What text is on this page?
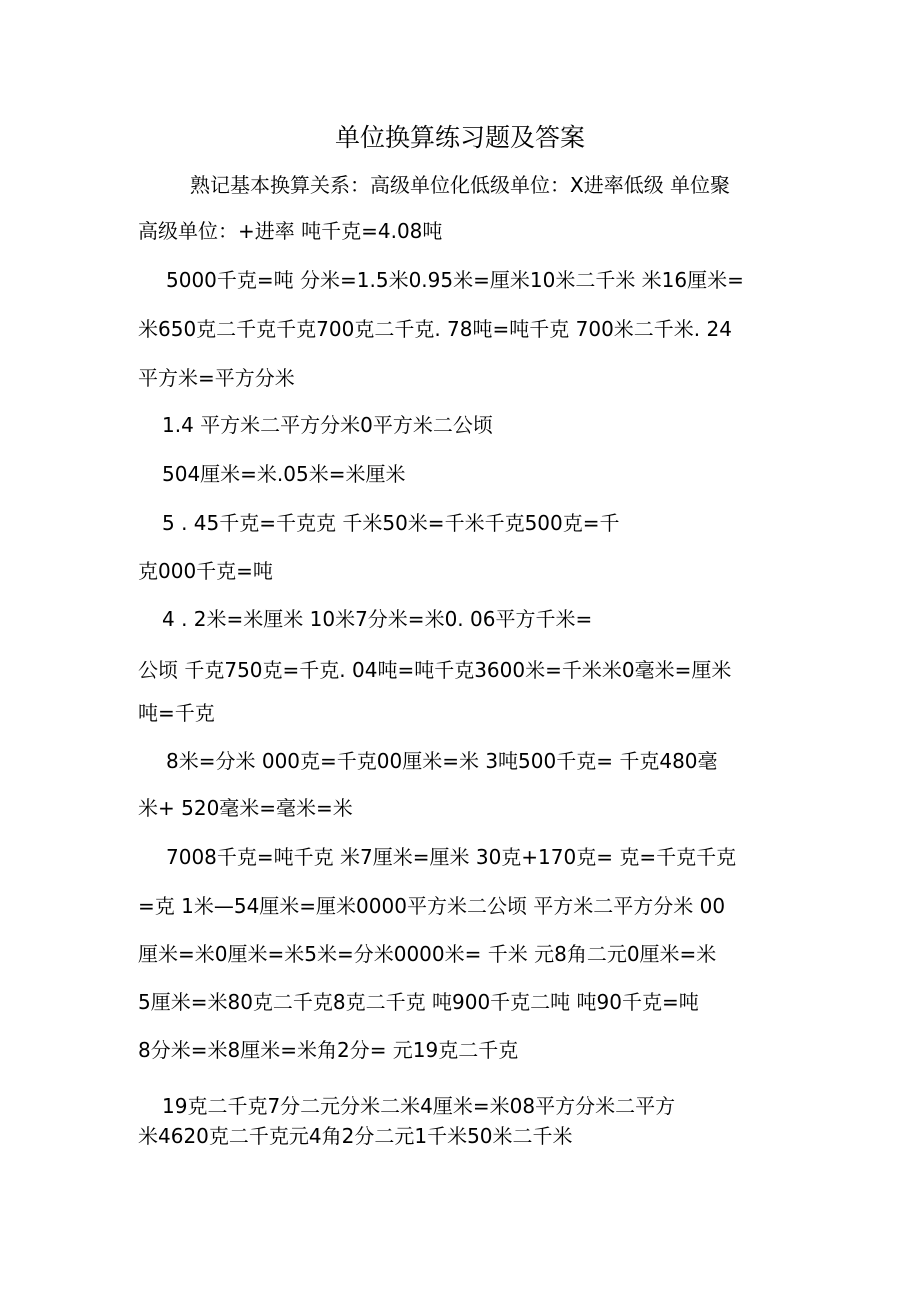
单位换算练习题及答案
熟记基本换算关系：高级单位化低级单位：X进率低级 单位聚
高级单位：+进率 吨千克=4.08吨
5000千克=吨 分米=1.5米0.95米=厘米10米二千米 米16厘米=
米650克二千克千克700克二千克. 78吨=吨千克 700米二千米. 24
平方米=平方分米
1.4 平方米二平方分米0平方米二公顷
504厘米=米.05米=米厘米
5 . 45千克=千克克 千米50米=千米千克500克=千
克000千克=吨
4 . 2米=米厘米 10米7分米=米0. 06平方千米=
公顷 千克750克=千克. 04吨=吨千克3600米=千米米0毫米=厘米
吨=千克
8米=分米 000克=千克00厘米=米 3吨500千克= 千克480毫
米+ 520毫米=毫米=米
7008千克=吨千克 米7厘米=厘米 30克+170克= 克=千克千克
=克 1米—54厘米=厘米0000平方米二公顷 平方米二平方分米 00
厘米=米0厘米=米5米=分米0000米= 千米 元8角二元0厘米=米
5厘米=米80克二千克8克二千克 吨900千克二吨 吨90千克=吨
8分米=米8厘米=米角2分= 元19克二千克
19克二千克7分二元分米二米4厘米=米08平方分米二平方
米4620克二千克元4角2分二元1千米50米二千米
